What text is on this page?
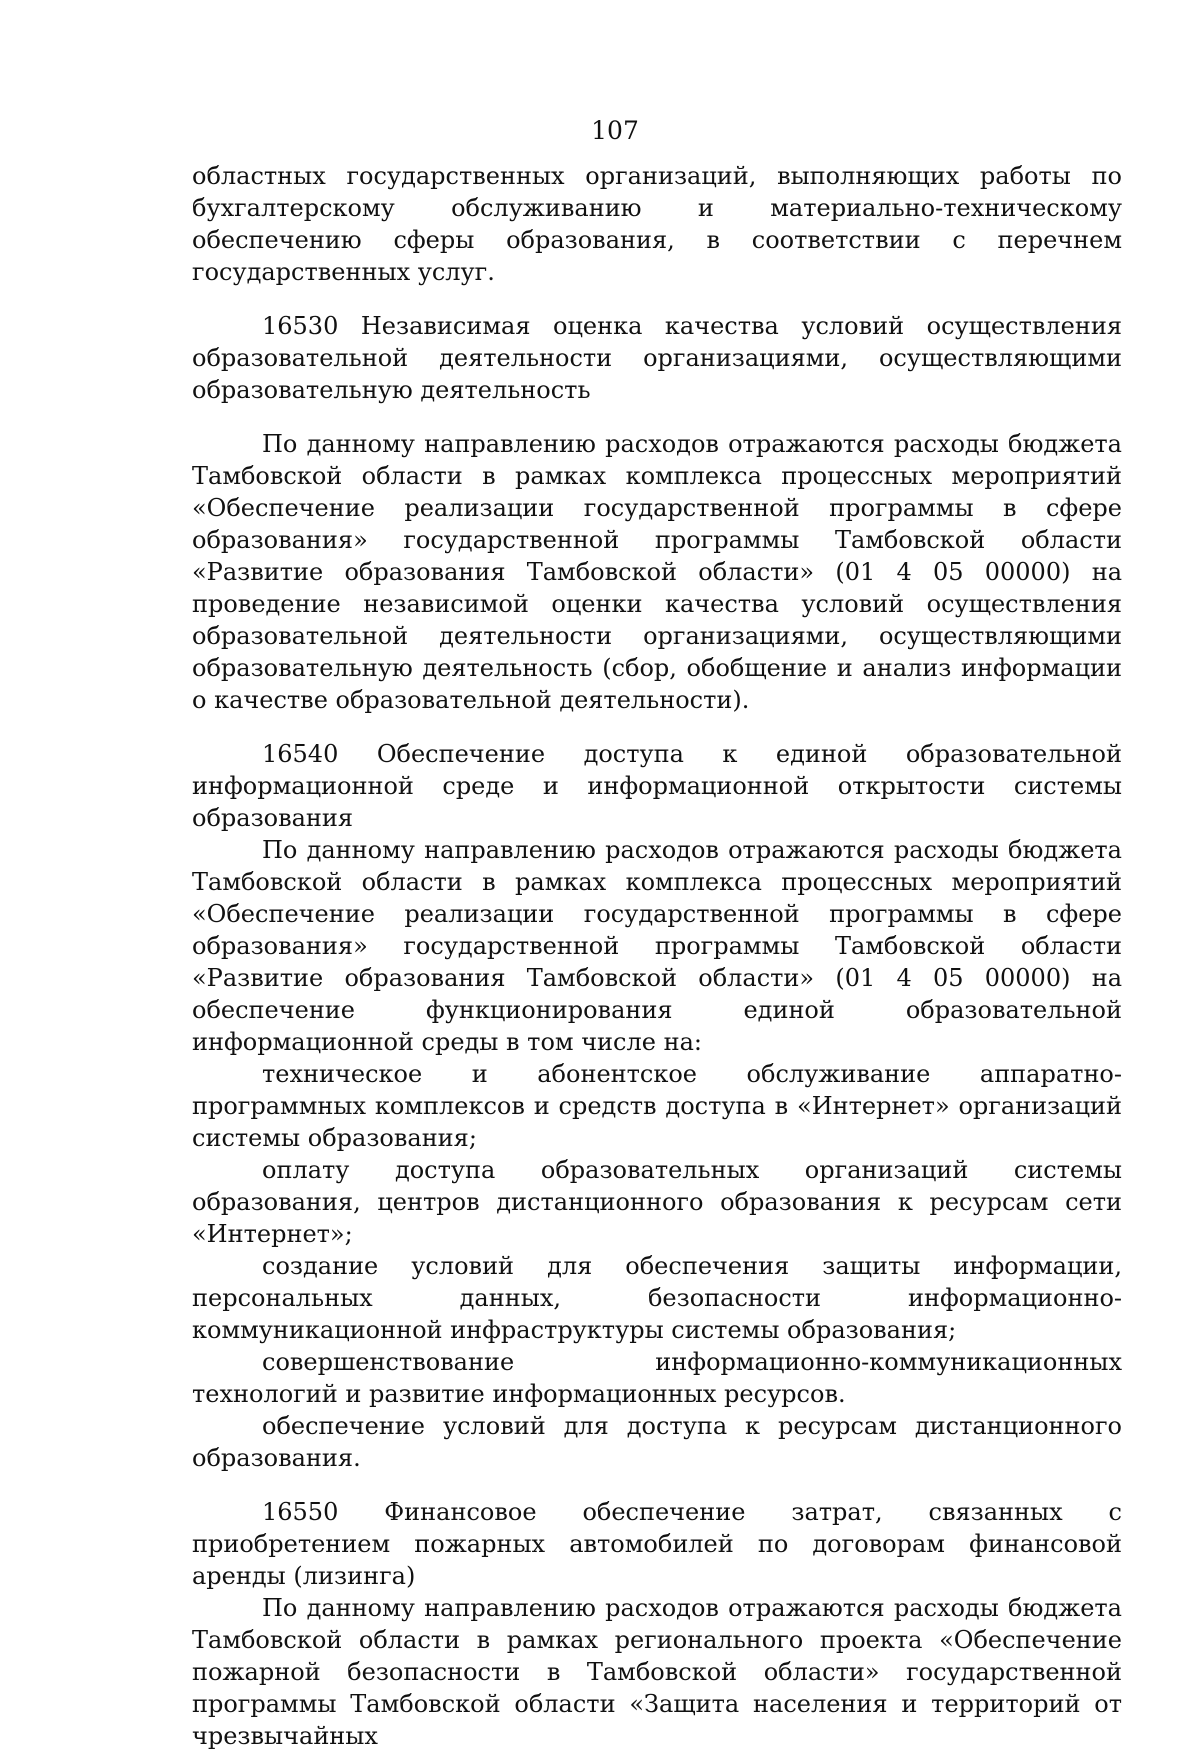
107

областных государственных организаций, выполняющих работы по бухгалтерскому обслуживанию и материально-техническому обеспечению сферы образования, в соответствии с перечнем государственных услуг.

16530 Независимая оценка качества условий осуществления образовательной деятельности организациями, осуществляющими образовательную деятельность

По данному направлению расходов отражаются расходы бюджета Тамбовской области в рамках комплекса процессных мероприятий «Обеспечение реализации государственной программы в сфере образования» государственной программы Тамбовской области «Развитие образования Тамбовской области» (01 4 05 00000) на проведение независимой оценки качества условий осуществления образовательной деятельности организациями, осуществляющими образовательную деятельность (сбор, обобщение и анализ информации о качестве образовательной деятельности).

16540 Обеспечение доступа к единой образовательной информационной среде и информационной открытости системы образования

По данному направлению расходов отражаются расходы бюджета Тамбовской области в рамках комплекса процессных мероприятий «Обеспечение реализации государственной программы в сфере образования» государственной программы Тамбовской области «Развитие образования Тамбовской области» (01 4 05 00000) на обеспечение функционирования единой образовательной информационной среды в том числе на:

техническое и абонентское обслуживание аппаратно-программных комплексов и средств доступа в «Интернет» организаций системы образования;

оплату доступа образовательных организаций системы образования, центров дистанционного образования к ресурсам сети «Интернет»;

создание условий для обеспечения защиты информации, персональных данных, безопасности информационно-коммуникационной инфраструктуры системы образования;

совершенствование информационно-коммуникационных технологий и развитие информационных ресурсов.

обеспечение условий для доступа к ресурсам дистанционного образования.

16550 Финансовое обеспечение затрат, связанных с приобретением пожарных автомобилей по договорам финансовой аренды (лизинга)

По данному направлению расходов отражаются расходы бюджета Тамбовской области в рамках регионального проекта «Обеспечение пожарной безопасности в Тамбовской области» государственной программы Тамбовской области «Защита населения и территорий от чрезвычайных
